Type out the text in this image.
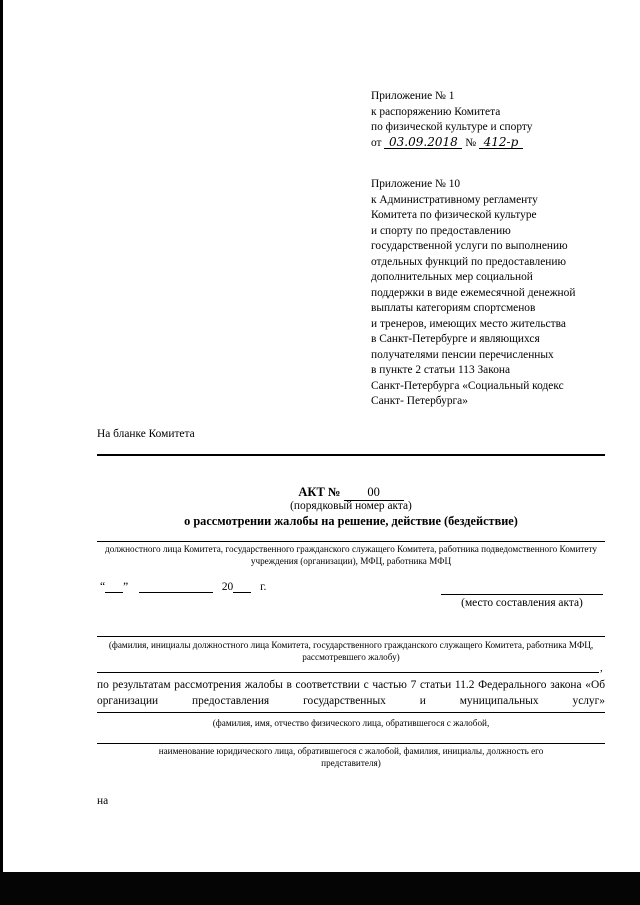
Приложение № 1
к распоряжению Комитета
по физической культуре и спорту
от 03.09.2018 № 412-р
Приложение № 10
к Административному регламенту
Комитета по физической культуре
и спорту по предоставлению
государственной услуги по выполнению
отдельных функций по предоставлению
дополнительных мер социальной
поддержки в виде ежемесячной денежной
выплаты категориям спортсменов
и тренеров, имеющих место жительства
в Санкт-Петербурге и являющихся
получателями пенсии перечисленных
в пункте 2 статьи 113 Закона
Санкт-Петербурга «Социальный кодекс
Санкт- Петербурга»
На бланке Комитета
АКТ № 00
(порядковый номер акта)
о рассмотрении жалобы на решение, действие (бездействие)
должностного лица Комитета, государственного гражданского служащего Комитета, работника подведомственного Комитету учреждения (организации), МФЦ, работника МФЦ
“ ”	20 г.
(место составления акта)
(фамилия, инициалы должностного лица Комитета, государственного гражданского служащего Комитета, работника МФЦ, рассмотревшего жалобу)
,
по результатам рассмотрения жалобы в соответствии с частью 7 статьи 11.2 Федерального закона «Об организации предоставления государственных и муниципальных услуг»
(фамилия, имя, отчество физического лица, обратившегося с жалобой,
наименование юридического лица, обратившегося с жалобой, фамилия, инициалы, должность его представителя)
на
